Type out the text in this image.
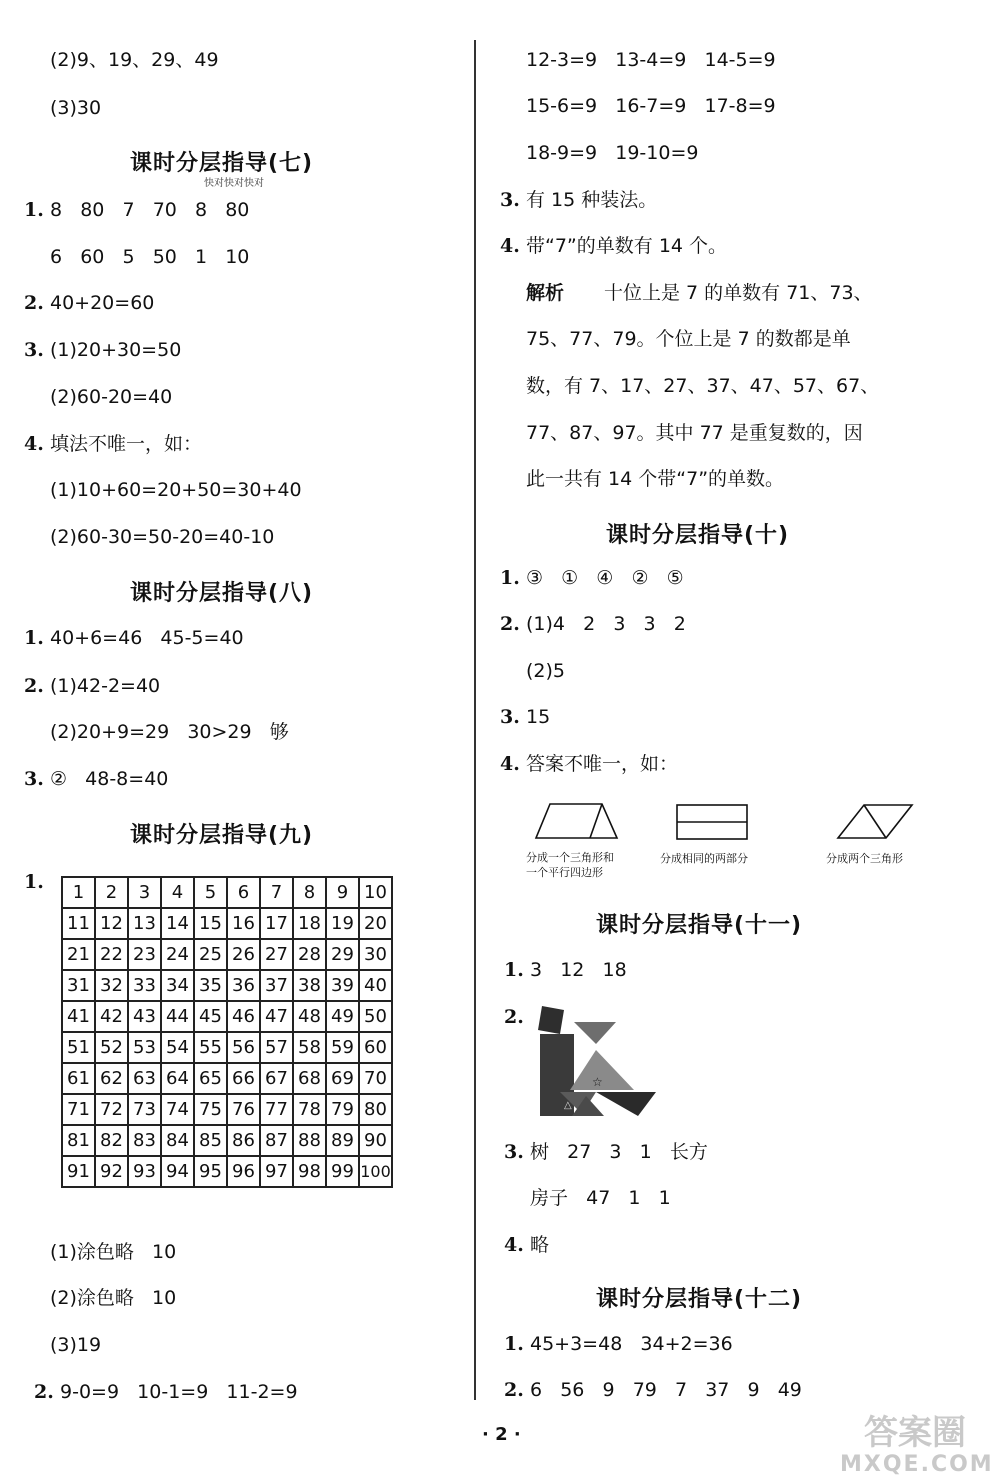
(2)9、19、29、49
(3)30
课时分层指导(七)
快对快对快对
1. 8   80   7   70   8   80
6   60   5   50   1   10
2. 40+20=60
3. (1)20+30=50
(2)60-20=40
4. 填法不唯一，如：
(1)10+60=20+50=30+40
(2)60-30=50-20=40-10
课时分层指导(八)
1. 40+6=46   45-5=40
2. (1)42-2=40
(2)20+9=29   30>29   够
3. ②   48-8=40
课时分层指导(九)
1. 1	2	3	4	5	6	7	8	9	10
11	12	13	14	15	16	17	18	19	20
21	22	23	24	25	26	27	28	29	30
31	32	33	34	35	36	37	38	39	40
41	42	43	44	45	46	47	48	49	50
51	52	53	54	55	56	57	58	59	60
61	62	63	64	65	66	67	68	69	70
71	72	73	74	75	76	77	78	79	80
81	82	83	84	85	86	87	88	89	90
91	92	93	94	95	96	97	98	99	100
(1)涂色略   10
(2)涂色略   10
(3)19
2. 9-0=9   10-1=9   11-2=9
12-3=9   13-4=9   14-5=9
15-6=9   16-7=9   17-8=9
18-9=9   19-10=9
3. 有 15 种装法。
4. 带“7”的单数有 14 个。
解析 十位上是 7 的单数有 71、73、
75、77、79。个位上是 7 的数都是单
数，有 7、17、27、37、47、57、67、
77、87、97。其中 77 是重复数的，因
此一共有 14 个带“7”的单数。
课时分层指导(十)
1. ③   ①   ④   ②   ⑤
2. (1)4   2   3   3   2
(2)5
3. 15
4. 答案不唯一，如：
分成一个三角形和
一个平行四边形
分成相同的两部分	分成两个三角形
课时分层指导(十一)
1. 3   12   18
2.
☆
△
3. 树   27   3   1   长方
房子   47   1   1
4. 略
课时分层指导(十二)
1. 45+3=48   34+2=36
2. 6   56   9   79   7   37   9   49
· 2 ·	答案圈
MXQE.COM
